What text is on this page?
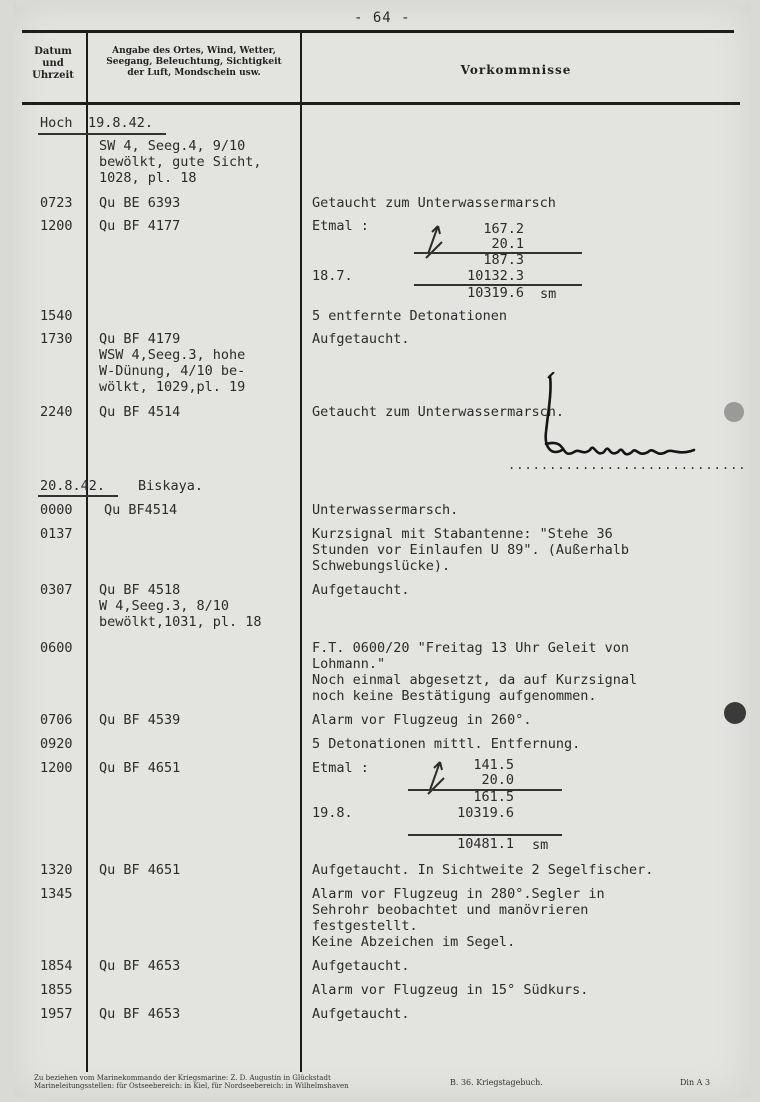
- 64 -
Datum
und
Uhrzeit
Angabe des Ortes, Wind, Wetter,
Seegang, Beleuchtung, Sichtigkeit
der Luft, Mondschein usw.	Vorkommnisse
Hoch 19.8.42.
SW 4, Seeg.4, 9/10
bewölkt, gute Sicht,
1028, pl. 18
0723 Qu BE 6393	Getaucht zum Unterwassermarsch
1200 Qu BF 4177	Etmal :	167.2
20.1
187.3
18.7.	10132.3
10319.6 sm
1540	5 entfernte Detonationen
1730 Qu BF 4179	Aufgetaucht.
WSW 4,Seeg.3, hohe
W-Dünung, 4/10 be-
wölkt, 1029,pl. 19
2240 Qu BF 4514	Getaucht zum Unterwassermarsch.
.............................
20.8.42. Biskaya.
0000 Qu BF4514	Unterwassermarsch.
0137	Kurzsignal mit Stabantenne: "Stehe 36
Stunden vor Einlaufen U 89". (Außerhalb
Schwebungslücke).
0307 Qu BF 4518	Aufgetaucht.
W 4,Seeg.3, 8/10
bewölkt,1031, pl. 18
0600	F.T. 0600/20 "Freitag 13 Uhr Geleit von
Lohmann."
Noch einmal abgesetzt, da auf Kurzsignal
noch keine Bestätigung aufgenommen.
0706 Qu BF 4539	Alarm vor Flugzeug in 260°.
0920	5 Detonationen mittl. Entfernung.
1200 Qu BF 4651	Etmal :	141.5
20.0
161.5
19.8.	10319.6
10481.1 sm
1320 Qu BF 4651	Aufgetaucht. In Sichtweite 2 Segelfischer.
1345	Alarm vor Flugzeug in 280°.Segler in
Sehrohr beobachtet und manövrieren
festgestellt.
Keine Abzeichen im Segel.
1854 Qu BF 4653	Aufgetaucht.
1855	Alarm vor Flugzeug in 15° Südkurs.
1957 Qu BF 4653	Aufgetaucht.
Zu beziehen vom Marinekommando der Kriegsmarine: Z. D. Augustin in Glückstadt
Marineleitungsstellen: für Ostseebereich: in Kiel, für Nordseebereich: in Wilhelmshaven	B. 36. Kriegstagebuch.	Din A 3
